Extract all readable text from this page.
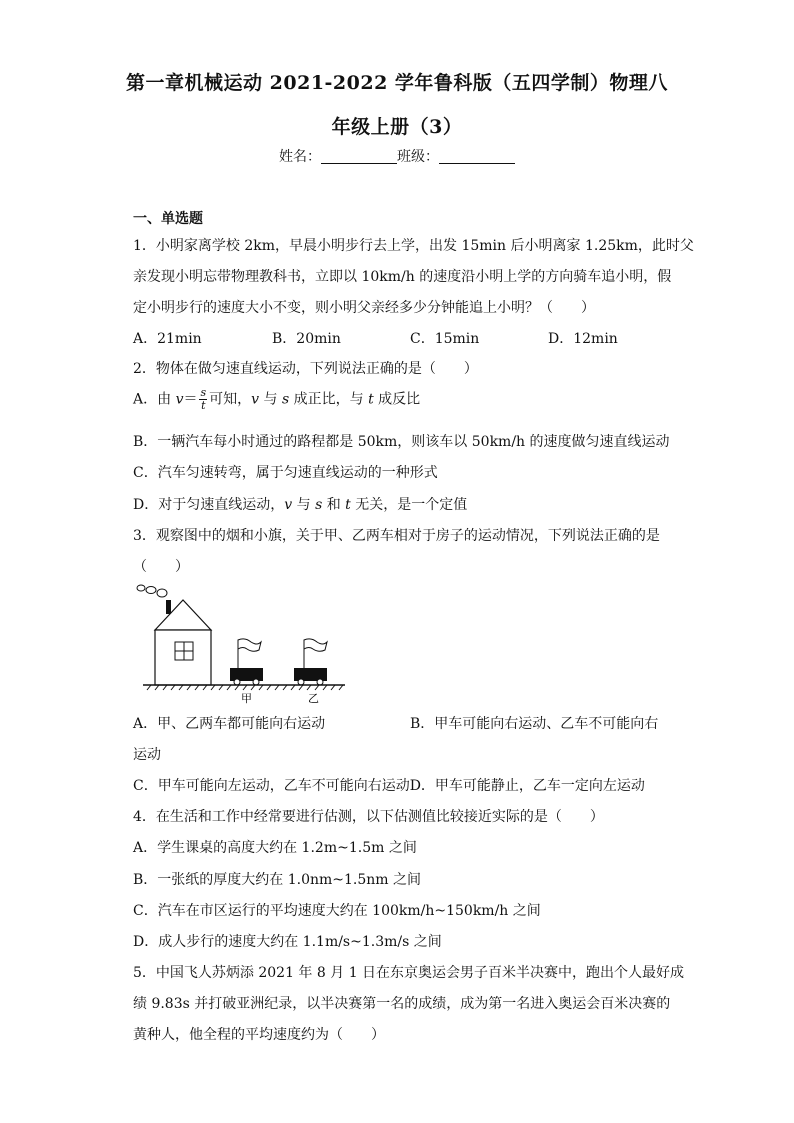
第一章机械运动 2021-2022 学年鲁科版（五四学制）物理八
年级上册（3）
姓名：	班级：
一、单选题
1．小明家离学校 2km，早晨小明步行去上学，出发 15min 后小明离家 1.25km，此时父
亲发现小明忘带物理教科书，立即以 10km/h 的速度沿小明上学的方向骑车追小明，假
定小明步行的速度大小不变，则小明父亲经多少分钟能追上小明？（　　）
A．21min	B．20min	C．15min	D．12min
2．物体在做匀速直线运动，下列说法正确的是（　　）
A．由 $v= \frac{s}{t}$ 可知，v 与 s 成正比，与 t 成反比
B．一辆汽车每小时通过的路程都是 50km，则该车以 50km/h 的速度做匀速直线运动
C．汽车匀速转弯，属于匀速直线运动的一种形式
D．对于匀速直线运动，v 与 s 和 t 无关，是一个定值
3．观察图中的烟和小旗，关于甲、乙两车相对于房子的运动情况，下列说法正确的是
（　　）
甲	乙
A．甲、乙两车都可能向右运动	B．甲车可能向右运动、乙车不可能向右
运动
C．甲车可能向左运动，乙车不可能向右运动D．甲车可能静止，乙车一定向左运动
4．在生活和工作中经常要进行估测，以下估测值比较接近实际的是（　　）
A．学生课桌的高度大约在 1.2m~1.5m 之间
B．一张纸的厚度大约在 1.0nm~1.5nm 之间
C．汽车在市区运行的平均速度大约在 100km/h~150km/h 之间
D．成人步行的速度大约在 1.1m/s~1.3m/s 之间
5．中国飞人苏炳添 2021 年 8 月 1 日在东京奥运会男子百米半决赛中，跑出个人最好成
绩 9.83s 并打破亚洲纪录，以半决赛第一名的成绩，成为第一名进入奥运会百米决赛的
黄种人，他全程的平均速度约为（　　）
